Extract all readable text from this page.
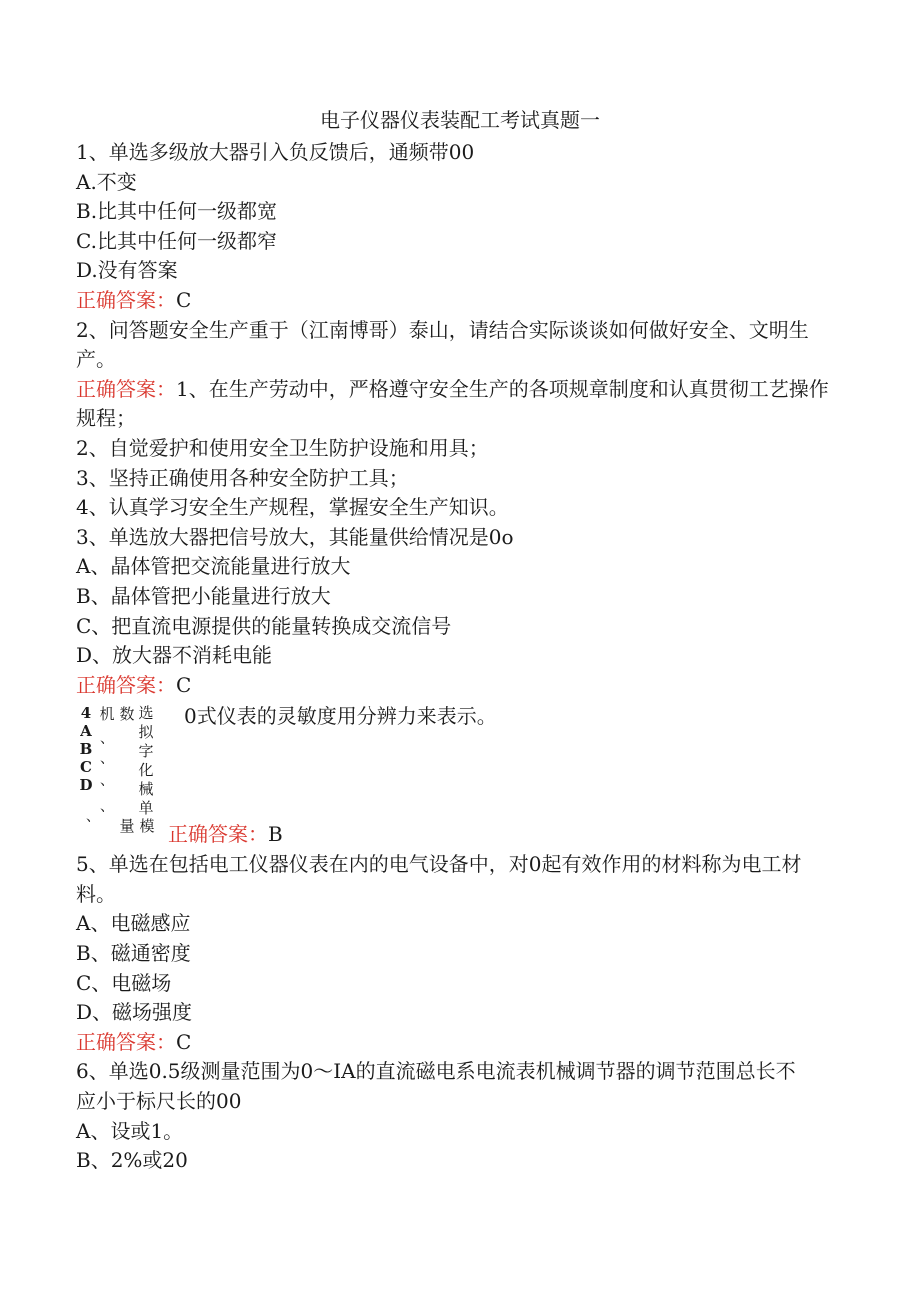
电子仪器仪表装配工考试真题一
1、单选多级放大器引入负反馈后，通频带00
A.不变
B.比其中任何一级都宽
C.比其中任何一级都窄
D.没有答案
正确答案：C
2、问答题安全生产重于（江南博哥）泰山，请结合实际谈谈如何做好安全、文明生产。
正确答案：1、在生产劳动中，严格遵守安全生产的各项规章制度和认真贯彻工艺操作规程；
2、自觉爱护和使用安全卫生防护设施和用具；
3、坚持正确使用各种安全防护工具；
4、认真学习安全生产规程，掌握安全生产知识。
3、单选放大器把信号放大，其能量供给情况是0o
A、晶体管把交流能量进行放大
B、晶体管把小能量进行放大
C、把直流电源提供的能量转换成交流信号
D、放大器不消耗电能
正确答案：C
4ABCD 机 数 选拟字化械单
、
、
、
、
、 量 模
0式仪表的灵敏度用分辨力来表示。
正确答案：B
5、单选在包括电工仪器仪表在内的电气设备中，对0起有效作用的材料称为电工材料。
A、电磁感应
B、磁通密度
C、电磁场
D、磁场强度
正确答案：C
6、单选0.5级测量范围为0～IA的直流磁电系电流表机械调节器的调节范围总长不应小于标尺长的00
A、设或1。
B、2%或20
